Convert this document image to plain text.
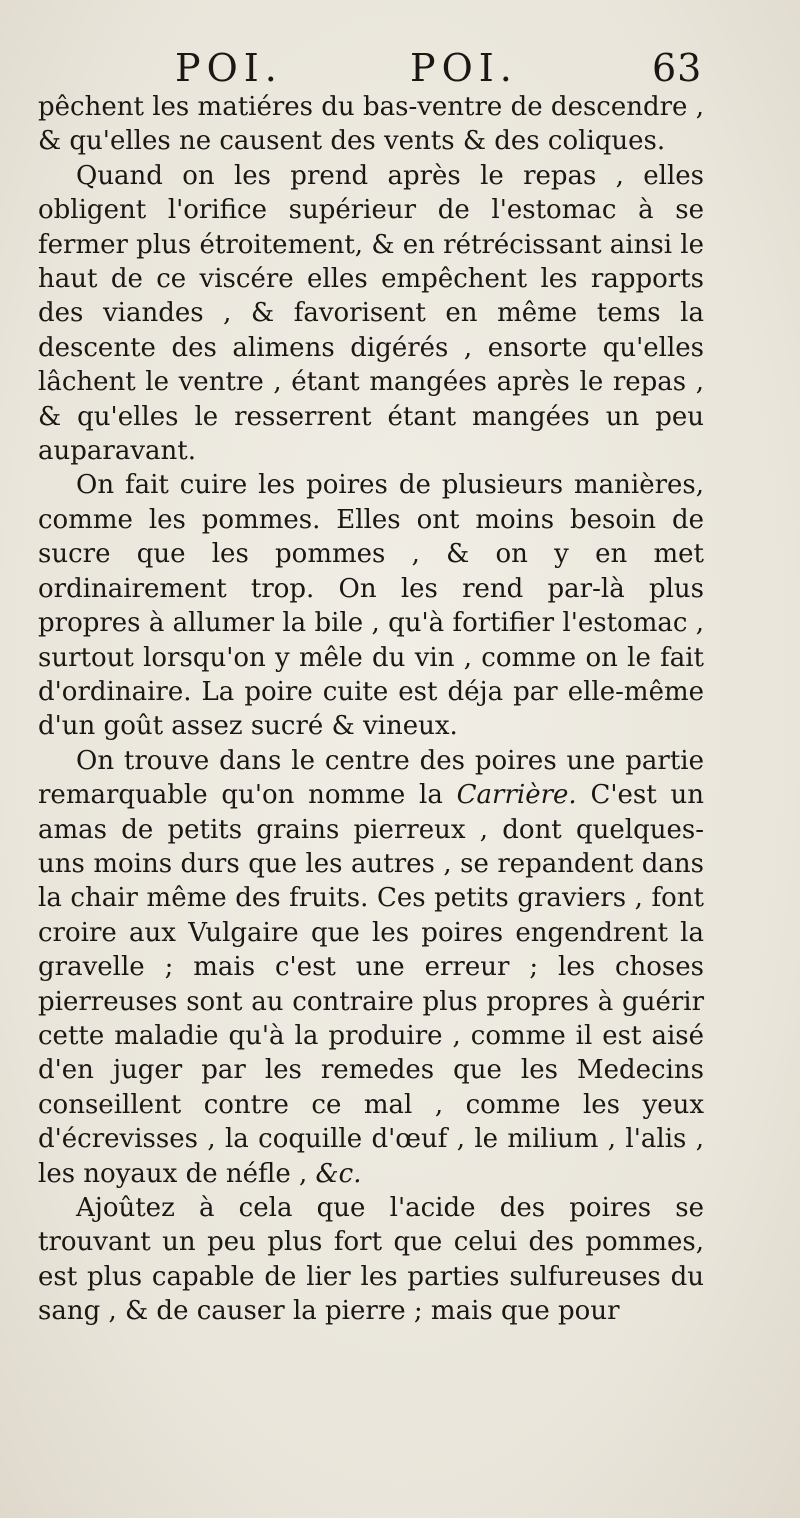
POI.	POI.	63

pêchent les matiéres du bas-ventre de descendre , & qu'elles ne causent des vents & des coliques.

Quand on les prend après le repas , elles obligent l'orifice supérieur de l'estomac à se fermer plus étroitement, & en rétrécissant ainsi le haut de ce viscére elles empêchent les rapports des viandes , & favorisent en même tems la descente des alimens digérés , ensorte qu'elles lâchent le ventre , étant mangées après le repas , & qu'elles le resserrent étant mangées un peu auparavant.

On fait cuire les poires de plusieurs manières, comme les pommes. Elles ont moins besoin de sucre que les pommes , & on y en met ordinairement trop. On les rend par-là plus propres à allumer la bile , qu'à fortifier l'estomac , surtout lorsqu'on y mêle du vin , comme on le fait d'ordinaire. La poire cuite est déja par elle-même d'un goût assez sucré & vineux.

On trouve dans le centre des poires une partie remarquable qu'on nomme la Carrière. C'est un amas de petits grains pierreux , dont quelques-uns moins durs que les autres , se repandent dans la chair même des fruits. Ces petits graviers , font croire aux Vulgaire que les poires engendrent la gravelle ; mais c'est une erreur ; les choses pierreuses sont au contraire plus propres à guérir cette maladie qu'à la produire , comme il est aisé d'en juger par les remedes que les Medecins conseillent contre ce mal , comme les yeux d'écrevisses , la coquille d'œuf , le milium , l'alis , les noyaux de néfle , &c.

Ajoûtez à cela que l'acide des poires se trouvant un peu plus fort que celui des pommes, est plus capable de lier les parties sulfureuses du sang , & de causer la pierre ; mais que pour
